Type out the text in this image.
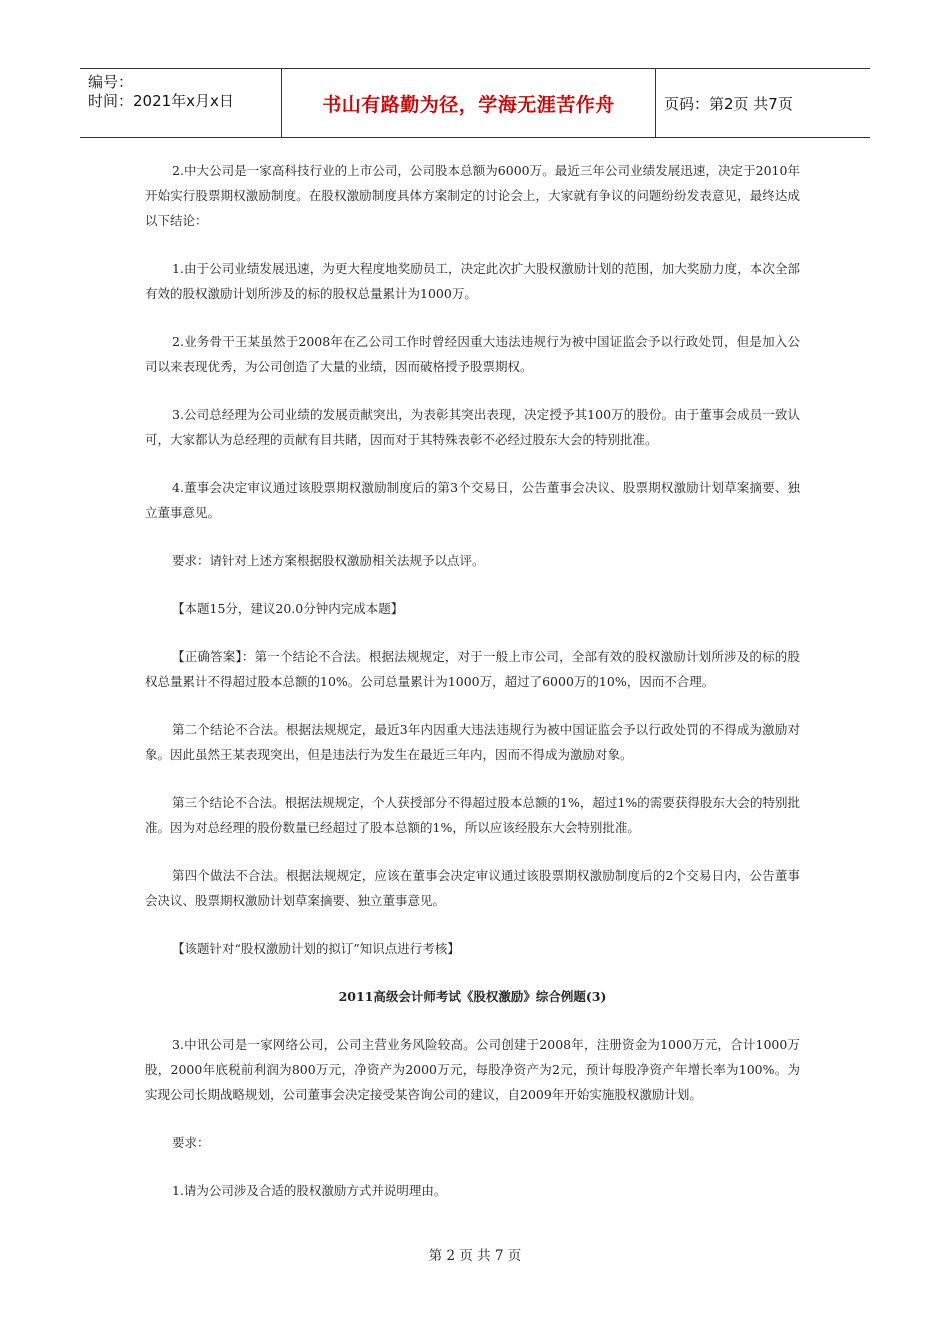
编号：
时间：2021年x月x日	书山有路勤为径，学海无涯苦作舟	页码：第2页 共7页

2.中大公司是一家高科技行业的上市公司，公司股本总额为6000万。最近三年公司业绩发展迅速，决定于2010年开始实行股票期权激励制度。在股权激励制度具体方案制定的讨论会上，大家就有争议的问题纷纷发表意见，最终达成以下结论：

1.由于公司业绩发展迅速，为更大程度地奖励员工，决定此次扩大股权激励计划的范围，加大奖励力度，本次全部有效的股权激励计划所涉及的标的股权总量累计为1000万。

2.业务骨干王某虽然于2008年在乙公司工作时曾经因重大违法违规行为被中国证监会予以行政处罚，但是加入公司以来表现优秀，为公司创造了大量的业绩，因而破格授予股票期权。

3.公司总经理为公司业绩的发展贡献突出，为表彰其突出表现，决定授予其100万的股份。由于董事会成员一致认可，大家都认为总经理的贡献有目共睹，因而对于其特殊表彰不必经过股东大会的特别批准。

4.董事会决定审议通过该股票期权激励制度后的第3个交易日，公告董事会决议、股票期权激励计划草案摘要、独立董事意见。

要求：请针对上述方案根据股权激励相关法规予以点评。

【本题15分，建议20.0分钟内完成本题】

【正确答案】：第一个结论不合法。根据法规规定，对于一般上市公司，全部有效的股权激励计划所涉及的标的股权总量累计不得超过股本总额的10%。公司总量累计为1000万，超过了6000万的10%，因而不合理。

第二个结论不合法。根据法规规定，最近3年内因重大违法违规行为被中国证监会予以行政处罚的不得成为激励对象。因此虽然王某表现突出，但是违法行为发生在最近三年内，因而不得成为激励对象。

第三个结论不合法。根据法规规定，个人获授部分不得超过股本总额的1%，超过1%的需要获得股东大会的特别批准。因为对总经理的股份数量已经超过了股本总额的1%，所以应该经股东大会特别批准。

第四个做法不合法。根据法规规定，应该在董事会决定审议通过该股票期权激励制度后的2个交易日内，公告董事会决议、股票期权激励计划草案摘要、独立董事意见。

【该题针对“股权激励计划的拟订”知识点进行考核】

2011高级会计师考试《股权激励》综合例题(3)

3.中讯公司是一家网络公司，公司主营业务风险较高。公司创建于2008年，注册资金为1000万元，合计1000万股，2000年底税前利润为800万元，净资产为2000万元，每股净资产为2元，预计每股净资产年增长率为100%。为实现公司长期战略规划，公司董事会决定接受某咨询公司的建议，自2009年开始实施股权激励计划。

要求：

1.请为公司涉及合适的股权激励方式并说明理由。

第 2 页 共 7 页
